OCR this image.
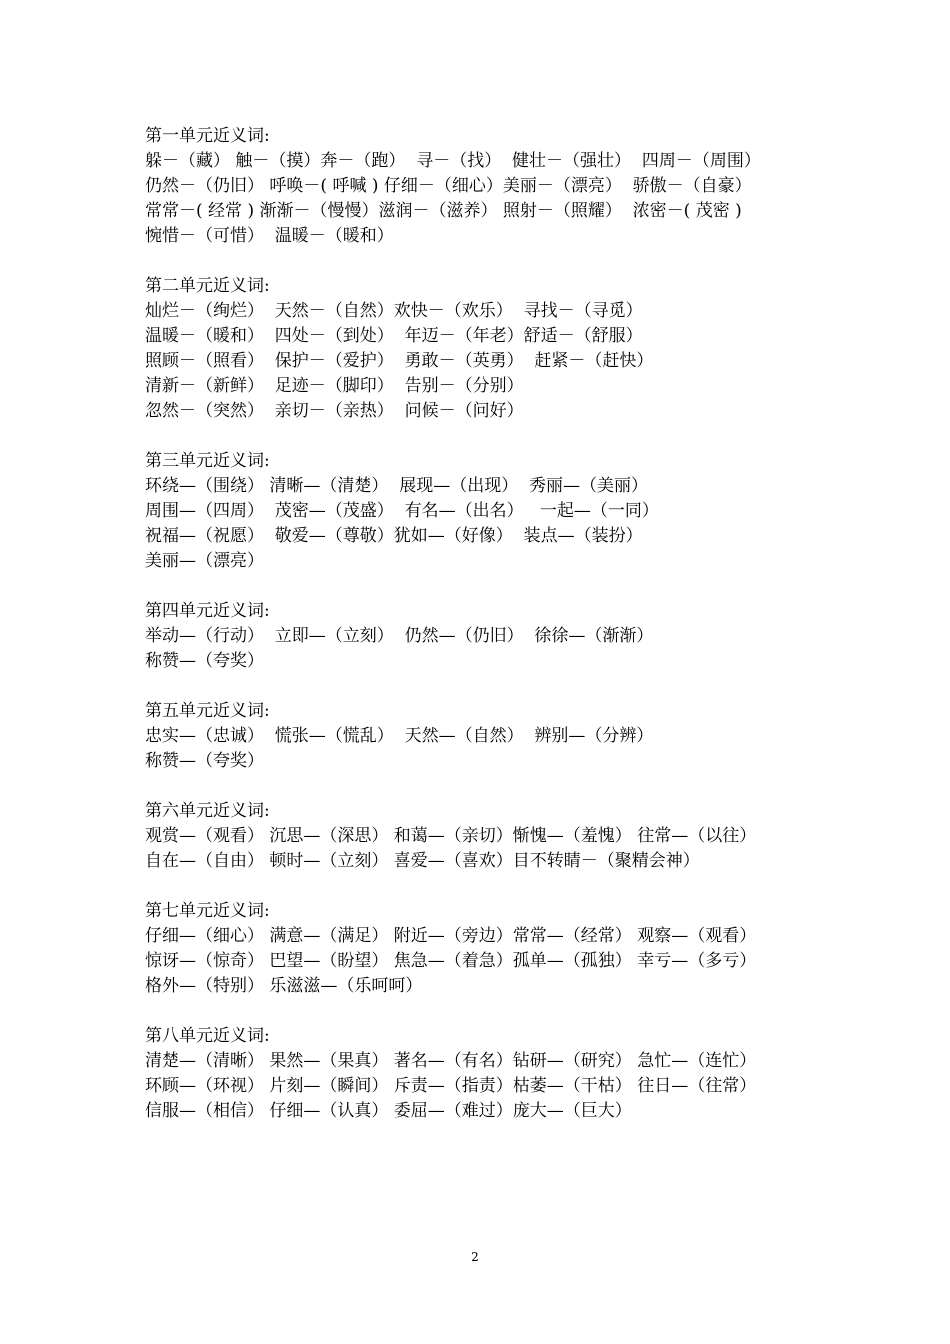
第一单元近义词:
躲－（藏） 触－（摸）奔－（跑）  寻－（找）  健壮－（强壮）  四周－（周围）
仍然－（仍旧） 呼唤－( 呼喊 ) 仔细－（细心）美丽－（漂亮）  骄傲－（自豪）
常常－( 经常 ) 渐渐－（慢慢）滋润－（滋养） 照射－（照耀）  浓密－( 茂密 )
惋惜－（可惜）  温暖－（暖和）
第二单元近义词:
灿烂－（绚烂）  天然－（自然）欢快－（欢乐）  寻找－（寻觅）
温暖－（暖和）  四处－（到处）  年迈－（年老）舒适－（舒服）
照顾－（照看）  保护－（爱护）  勇敢－（英勇）  赶紧－（赶快）
清新－（新鲜）  足迹－（脚印）  告别－（分别）
忽然－（突然）  亲切－（亲热）  问候－（问好）
第三单元近义词:
环绕—（围绕） 清晰—（清楚）  展现—（出现）  秀丽—（美丽）
周围—（四周）  茂密—（茂盛）  有名—（出名）   一起—（一同）
祝福—（祝愿）  敬爱—（尊敬）犹如—（好像）  装点—（装扮）
美丽—（漂亮）
第四单元近义词:
举动—（行动）  立即—（立刻）  仍然—（仍旧）  徐徐—（渐渐）
称赞—（夸奖）
第五单元近义词:
忠实—（忠诚）  慌张—（慌乱）  天然—（自然）  辨别—（分辨）
称赞—（夸奖）
第六单元近义词:
观赏—（观看） 沉思—（深思） 和蔼—（亲切）惭愧—（羞愧） 往常—（以往）
自在—（自由） 顿时—（立刻） 喜爱—（喜欢）目不转睛－（聚精会神）
第七单元近义词:
仔细—（细心） 满意—（满足） 附近—（旁边）常常—（经常） 观察—（观看）
惊讶—（惊奇） 巴望—（盼望） 焦急—（着急）孤单—（孤独） 幸亏—（多亏）
格外—（特别） 乐滋滋—（乐呵呵）
第八单元近义词:
清楚—（清晰） 果然—（果真） 著名—（有名）钻研—（研究） 急忙—（连忙）
环顾—（环视） 片刻—（瞬间） 斥责—（指责）枯萎—（干枯） 往日—（往常）
信服—（相信） 仔细—（认真） 委屈—（难过）庞大—（巨大）
2
